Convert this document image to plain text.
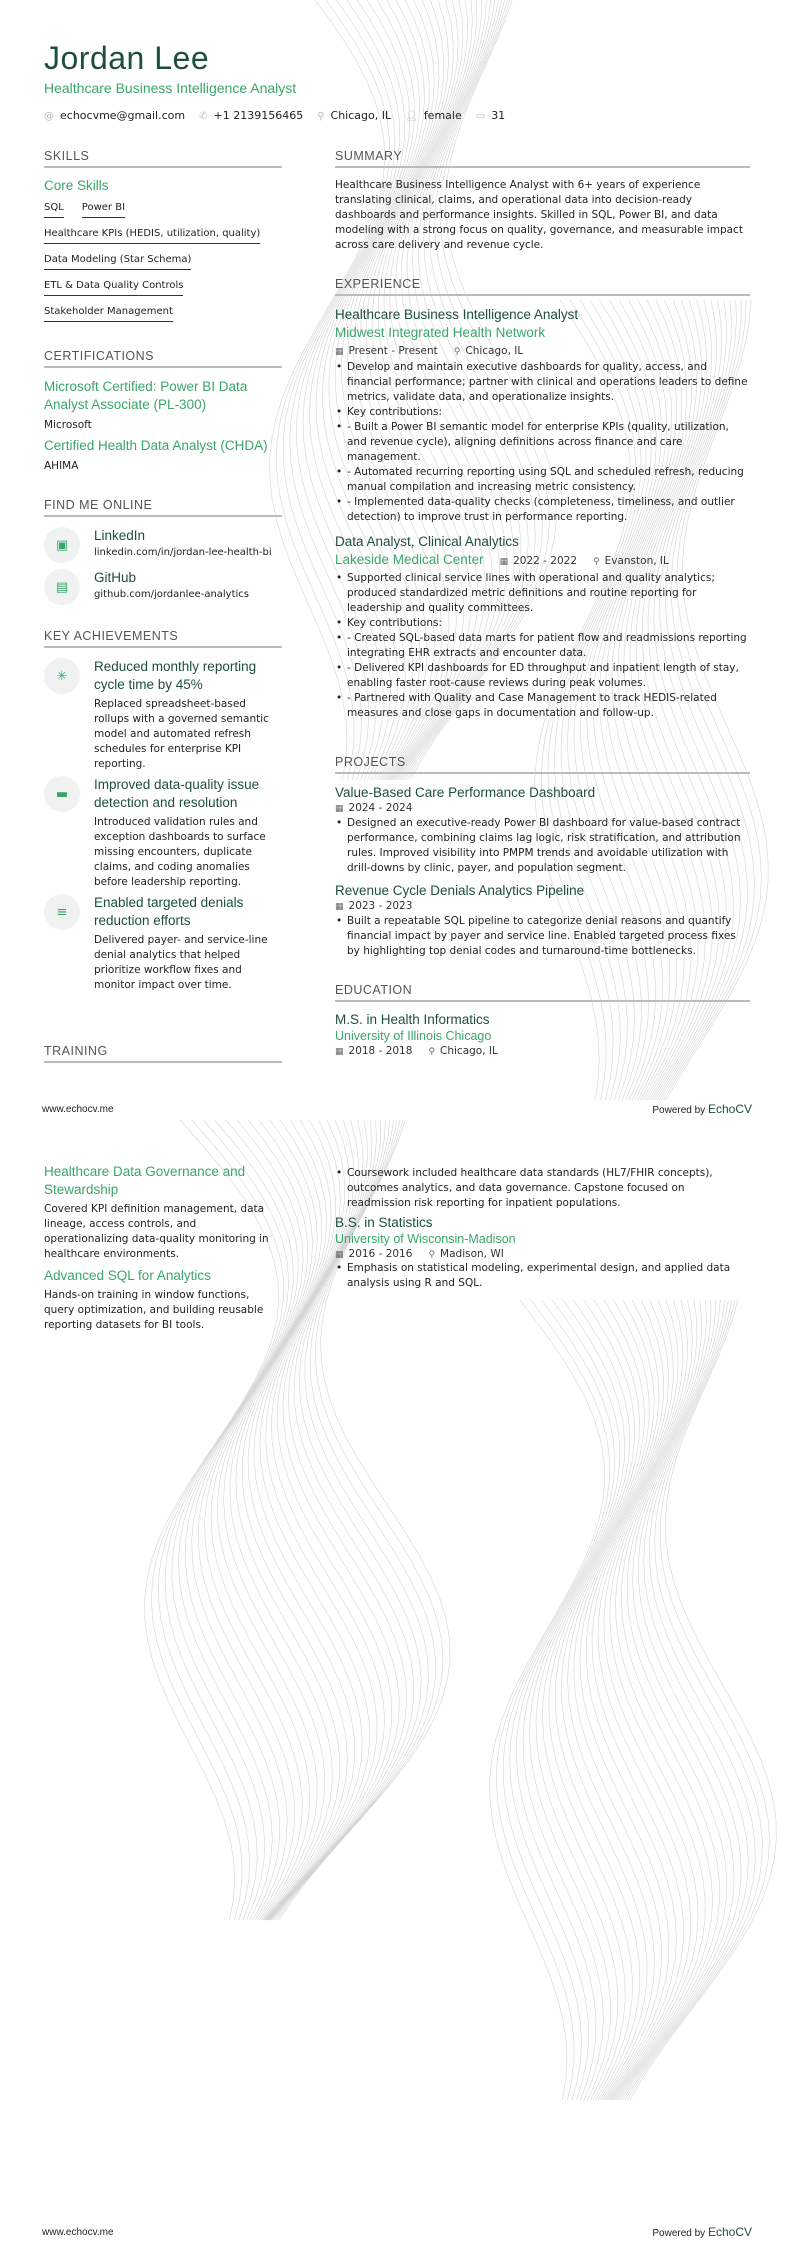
Jordan Lee
Healthcare Business Intelligence Analyst
@ echocvme@gmail.com ✆ +1 2139156465 ⚲ Chicago, IL 👤︎ female ▭ 31
SKILLS
Core Skills
SQL Power BI
Healthcare KPIs (HEDIS, utilization, quality)
Data Modeling (Star Schema)
ETL & Data Quality Controls
Stakeholder Management
CERTIFICATIONS
Microsoft Certified: Power BI Data Analyst Associate (PL-300)
Microsoft
Certified Health Data Analyst (CHDA)
AHIMA
FIND ME ONLINE
▣
LinkedIn
linkedin.com/in/jordan-lee-health-bi
▤
GitHub
github.com/jordanlee-analytics
KEY ACHIEVEMENTS
✳
Reduced monthly reporting cycle time by 45%

Replaced spreadsheet-based rollups with a governed semantic model and automated refresh schedules for enterprise KPI reporting.

▬
Improved data-quality issue detection and resolution

Introduced validation rules and exception dashboards to surface missing encounters, duplicate claims, and coding anomalies before leadership reporting.

≡
Enabled targeted denials reduction efforts

Delivered payer- and service-line denial analytics that helped prioritize workflow fixes and monitor impact over time.

TRAINING
SUMMARY

Healthcare Business Intelligence Analyst with 6+ years of experience translating clinical, claims, and operational data into decision-ready dashboards and performance insights. Skilled in SQL, Power BI, and data modeling with a strong focus on quality, governance, and measurable impact across care delivery and revenue cycle.

EXPERIENCE
Healthcare Business Intelligence Analyst
Midwest Integrated Health Network
▦ Present - Present ⚲ Chicago, IL
• Develop and maintain executive dashboards for quality, access, and financial performance; partner with clinical and operations leaders to define metrics, validate data, and operationalize insights.
• Key contributions:
• - Built a Power BI semantic model for enterprise KPIs (quality, utilization, and revenue cycle), aligning definitions across finance and care management.
• - Automated recurring reporting using SQL and scheduled refresh, reducing manual compilation and increasing metric consistency.
• - Implemented data-quality checks (completeness, timeliness, and outlier detection) to improve trust in performance reporting.
Data Analyst, Clinical Analytics
Lakeside Medical Center ▦ 2022 - 2022 ⚲ Evanston, IL
• Supported clinical service lines with operational and quality analytics; produced standardized metric definitions and routine reporting for leadership and quality committees.
• Key contributions:
• - Created SQL-based data marts for patient flow and readmissions reporting integrating EHR extracts and encounter data.
• - Delivered KPI dashboards for ED throughput and inpatient length of stay, enabling faster root-cause reviews during peak volumes.
• - Partnered with Quality and Case Management to track HEDIS-related measures and close gaps in documentation and follow-up.
PROJECTS
Value-Based Care Performance Dashboard
▦ 2024 - 2024
• Designed an executive-ready Power BI dashboard for value-based contract performance, combining claims lag logic, risk stratification, and attribution rules. Improved visibility into PMPM trends and avoidable utilization with drill-downs by clinic, payer, and population segment.
Revenue Cycle Denials Analytics Pipeline
▦ 2023 - 2023
• Built a repeatable SQL pipeline to categorize denial reasons and quantify financial impact by payer and service line. Enabled targeted process fixes by highlighting top denial codes and turnaround-time bottlenecks.
EDUCATION
M.S. in Health Informatics
University of Illinois Chicago
▦ 2018 - 2018 ⚲ Chicago, IL
www.echocv.me	Powered by EchoCV
Healthcare Data Governance and Stewardship

Covered KPI definition management, data lineage, access controls, and operationalizing data-quality monitoring in healthcare environments.

Advanced SQL for Analytics

Hands-on training in window functions, query optimization, and building reusable reporting datasets for BI tools.

• Coursework included healthcare data standards (HL7/FHIR concepts), outcomes analytics, and data governance. Capstone focused on readmission risk reporting for inpatient populations.
B.S. in Statistics
University of Wisconsin-Madison
▦ 2016 - 2016 ⚲ Madison, WI
• Emphasis on statistical modeling, experimental design, and applied data analysis using R and SQL.
www.echocv.me	Powered by EchoCV
